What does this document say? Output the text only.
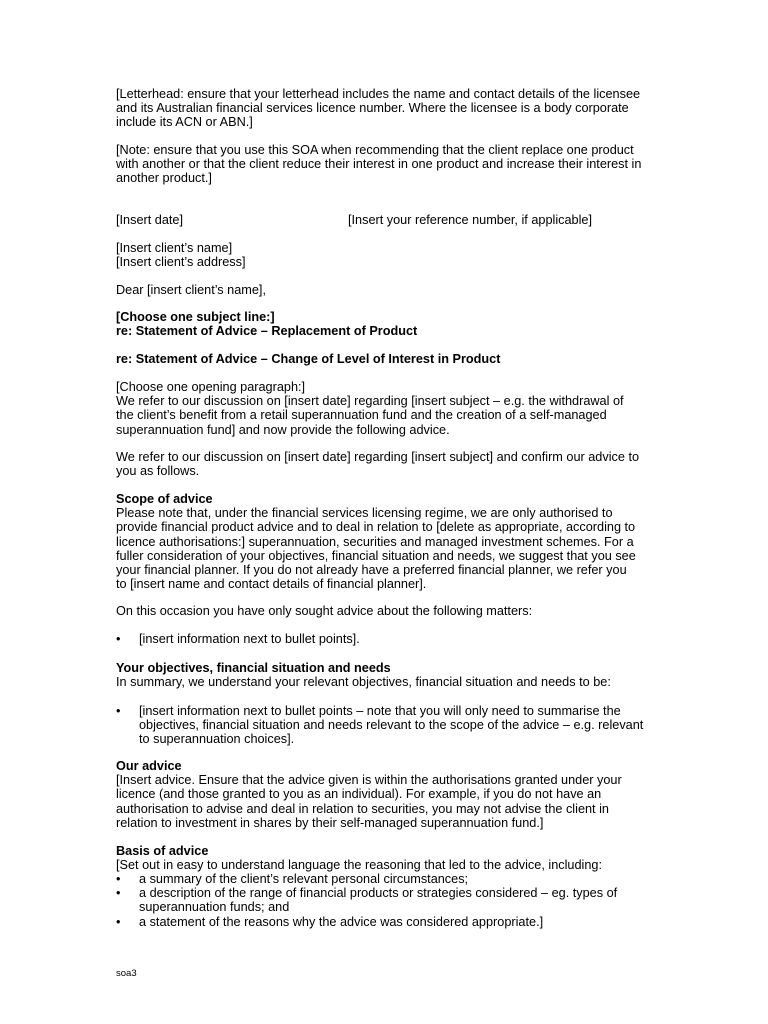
[Letterhead: ensure that your letterhead includes the name and contact details of the licensee
and its Australian financial services licence number. Where the licensee is a body corporate
include its ACN or ABN.]

[Note: ensure that you use this SOA when recommending that the client replace one product
with another or that the client reduce their interest in one product and increase their interest in
another product.]

[Insert date]	[Insert your reference number, if applicable]

[Insert client’s name]
[Insert client’s address]

Dear [insert client’s name],

[Choose one subject line:]
re: Statement of Advice – Replacement of Product

re: Statement of Advice – Change of Level of Interest in Product

[Choose one opening paragraph:]
We refer to our discussion on [insert date] regarding [insert subject – e.g. the withdrawal of
the client’s benefit from a retail superannuation fund and the creation of a self-managed
superannuation fund] and now provide the following advice.

We refer to our discussion on [insert date] regarding [insert subject] and confirm our advice to
you as follows.

Scope of advice
Please note that, under the financial services licensing regime, we are only authorised to
provide financial product advice and to deal in relation to [delete as appropriate, according to
licence authorisations:] superannuation, securities and managed investment schemes. For a
fuller consideration of your objectives, financial situation and needs, we suggest that you see
your financial planner. If you do not already have a preferred financial planner, we refer you
to [insert name and contact details of financial planner].

On this occasion you have only sought advice about the following matters:
•	[insert information next to bullet points].

Your objectives, financial situation and needs
In summary, we understand your relevant objectives, financial situation and needs to be:

•	[insert information next to bullet points – note that you will only need to summarise the
objectives, financial situation and needs relevant to the scope of the advice – e.g. relevant
to superannuation choices].

Our advice
[Insert advice. Ensure that the advice given is within the authorisations granted under your
licence (and those granted to you as an individual). For example, if you do not have an
authorisation to advise and deal in relation to securities, you may not advise the client in
relation to investment in shares by their self-managed superannuation fund.]

Basis of advice
[Set out in easy to understand language the reasoning that led to the advice, including:

•	a summary of the client’s relevant personal circumstances;
•	a description of the range of financial products or strategies considered – eg. types of
superannuation funds; and
•	a statement of the reasons why the advice was considered appropriate.]
soa3
